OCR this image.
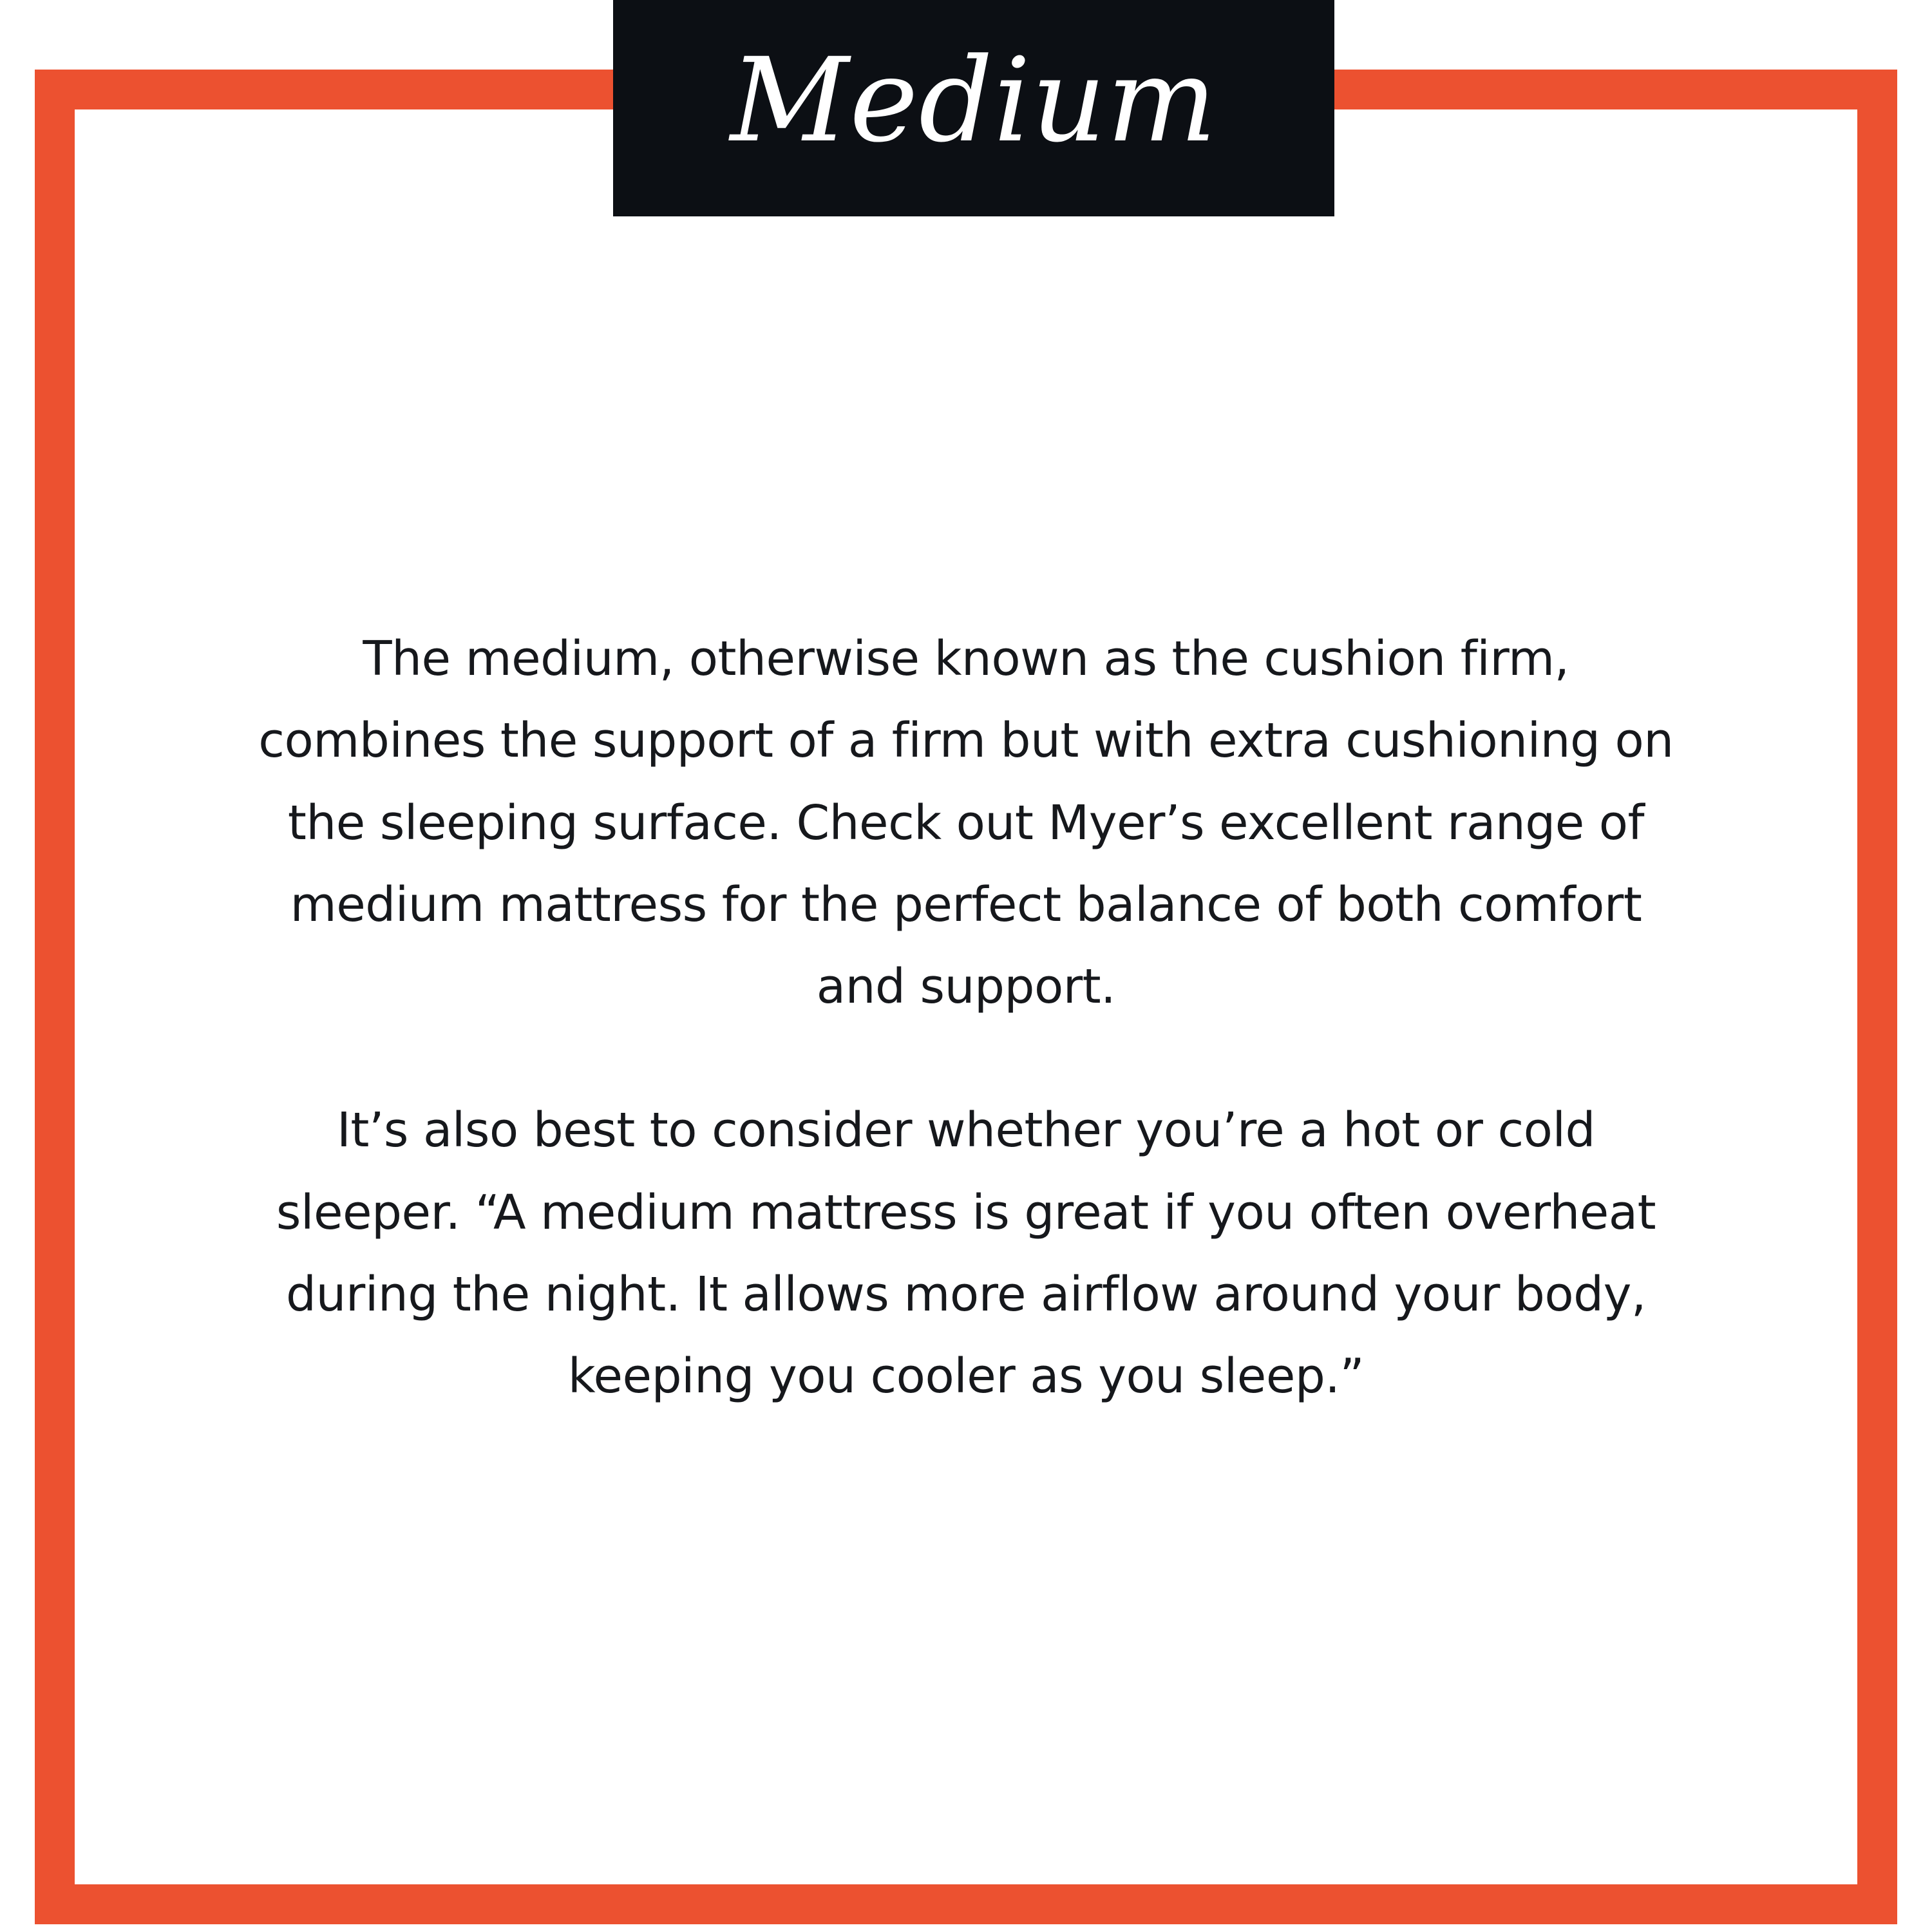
Medium

The medium, otherwise known as the cushion firm, combines the support of a firm but with extra cushioning on the sleeping surface. Check out Myer’s excellent range of medium mattress for the perfect balance of both comfort and support.

It’s also best to consider whether you’re a hot or cold sleeper. “A medium mattress is great if you often overheat during the night. It allows more airflow around your body, keeping you cooler as you sleep.”
